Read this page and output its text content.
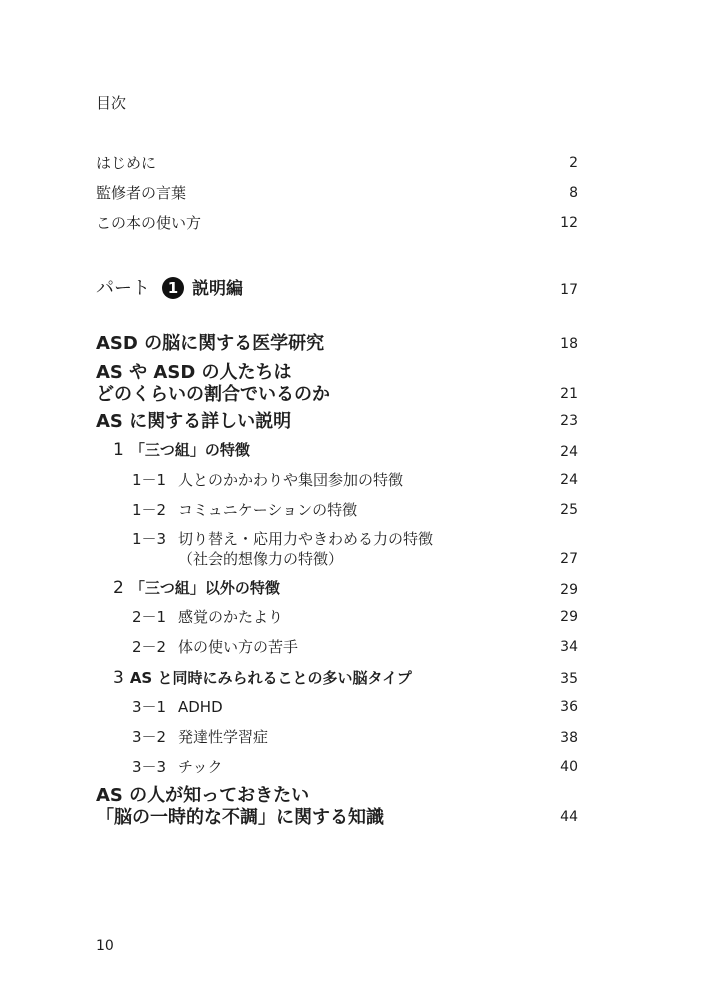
目次
はじめに	2
監修者の言葉	8
この本の使い方	12
パート 1 説明編	17
ASD の脳に関する医学研究	18
AS や ASD の人たちは
どのくらいの割合でいるのか	21
AS に関する詳しい説明	23
1 「三つ組」の特徴	24
1－1 人とのかかわりや集団参加の特徴	24
1－2 コミュニケーションの特徴	25
1－3 切り替え・応用力やきわめる力の特徴
（社会的想像力の特徴）	27
2 「三つ組」以外の特徴	29
2－1 感覚のかたより	29
2－2 体の使い方の苦手	34
3 AS と同時にみられることの多い脳タイプ	35
3－1 ADHD	36
3－2 発達性学習症	38
3－3 チック	40
AS の人が知っておきたい
「脳の一時的な不調」に関する知識	44
10
